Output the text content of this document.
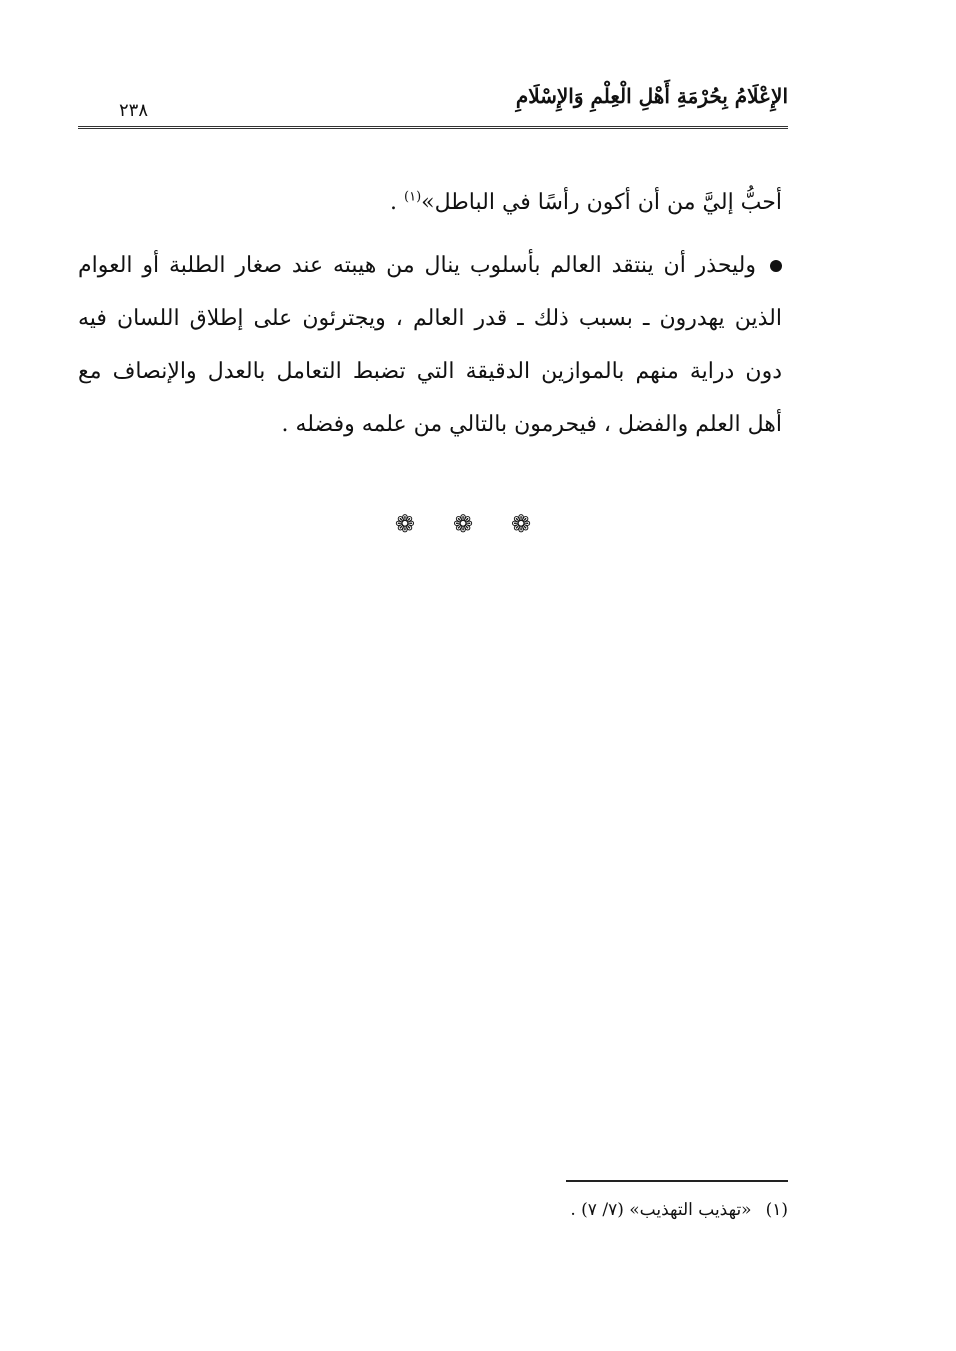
الإِعْلَامُ بِحُرْمَةِ أَهْلِ الْعِلْمِ وَالإِسْلَامِ
٢٣٨

أحبُّ إليَّ من أن أكون رأسًا في الباطل»$^{(١)}$ .

وليحذر أن ينتقد العالم بأسلوب ينال من هيبته عند صغار الطلبة أو العوام الذين يهدرون ـ بسبب ذلك ـ قدر العالم ، ويجترئون على إطلاق اللسان فيه دون دراية منهم بالموازين الدقيقة التي تضبط التعامل بالعدل والإنصاف مع أهل العلم والفضل ، فيحرمون بالتالي من علمه وفضله .

❁❁❁
(١)«تهذيب التهذيب» (٧/ ٧) .
